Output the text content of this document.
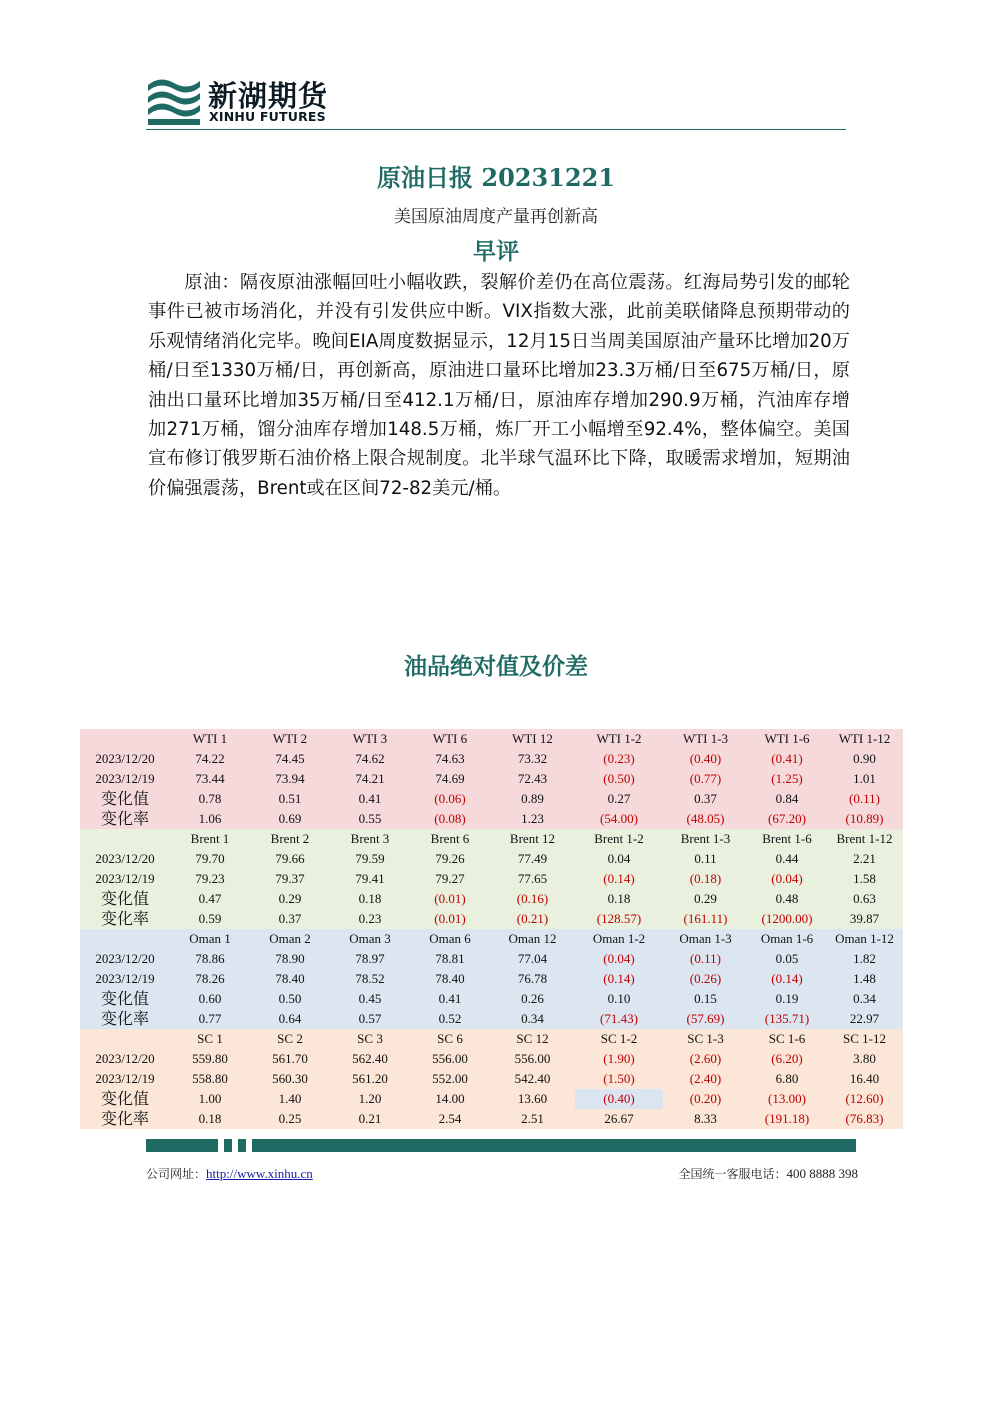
新湖期货
XINHU FUTURES
原油日报 20231221
美国原油周度产量再创新高
早评
原油：隔夜原油涨幅回吐小幅收跌，裂解价差仍在高位震荡。红海局势引发的邮轮事件已被市场消化，并没有引发供应中断。VIX指数大涨，此前美联储降息预期带动的乐观情绪消化完毕。晚间EIA周度数据显示，12月15日当周美国原油产量环比增加20万桶/日至1330万桶/日，再创新高，原油进口量环比增加23.3万桶/日至675万桶/日，原油出口量环比增加35万桶/日至412.1万桶/日，原油库存增加290.9万桶，汽油库存增加271万桶，馏分油库存增加148.5万桶，炼厂开工小幅增至92.4%，整体偏空。美国宣布修订俄罗斯石油价格上限合规制度。北半球气温环比下降，取暖需求增加，短期油价偏强震荡，Brent或在区间72-82美元/桶。
油品绝对值及价差
	WTI 1	WTI 2	WTI 3	WTI 6	WTI 12	WTI 1-2	WTI 1-3	WTI 1-6	WTI 1-12
2023/12/20	74.22	74.45	74.62	74.63	73.32	(0.23)	(0.40)	(0.41)	0.90
2023/12/19	73.44	73.94	74.21	74.69	72.43	(0.50)	(0.77)	(1.25)	1.01
变化值	0.78	0.51	0.41	(0.06)	0.89	0.27	0.37	0.84	(0.11)
变化率	1.06	0.69	0.55	(0.08)	1.23	(54.00)	(48.05)	(67.20)	(10.89)
	Brent 1	Brent 2	Brent 3	Brent 6	Brent 12	Brent 1-2	Brent 1-3	Brent 1-6	Brent 1-12
2023/12/20	79.70	79.66	79.59	79.26	77.49	0.04	0.11	0.44	2.21
2023/12/19	79.23	79.37	79.41	79.27	77.65	(0.14)	(0.18)	(0.04)	1.58
变化值	0.47	0.29	0.18	(0.01)	(0.16)	0.18	0.29	0.48	0.63
变化率	0.59	0.37	0.23	(0.01)	(0.21)	(128.57)	(161.11)	(1200.00)	39.87
	Oman 1	Oman 2	Oman 3	Oman 6	Oman 12	Oman 1-2	Oman 1-3	Oman 1-6	Oman 1-12
2023/12/20	78.86	78.90	78.97	78.81	77.04	(0.04)	(0.11)	0.05	1.82
2023/12/19	78.26	78.40	78.52	78.40	76.78	(0.14)	(0.26)	(0.14)	1.48
变化值	0.60	0.50	0.45	0.41	0.26	0.10	0.15	0.19	0.34
变化率	0.77	0.64	0.57	0.52	0.34	(71.43)	(57.69)	(135.71)	22.97
	SC 1	SC 2	SC 3	SC 6	SC 12	SC 1-2	SC 1-3	SC 1-6	SC 1-12
2023/12/20	559.80	561.70	562.40	556.00	556.00	(1.90)	(2.60)	(6.20)	3.80
2023/12/19	558.80	560.30	561.20	552.00	542.40	(1.50)	(2.40)	6.80	16.40
变化值	1.00	1.40	1.20	14.00	13.60	(0.40)	(0.20)	(13.00)	(12.60)
变化率	0.18	0.25	0.21	2.54	2.51	26.67	8.33	(191.18)	(76.83)
公司网址：http://www.xinhu.cn	全国统一客服电话：400 8888 398
